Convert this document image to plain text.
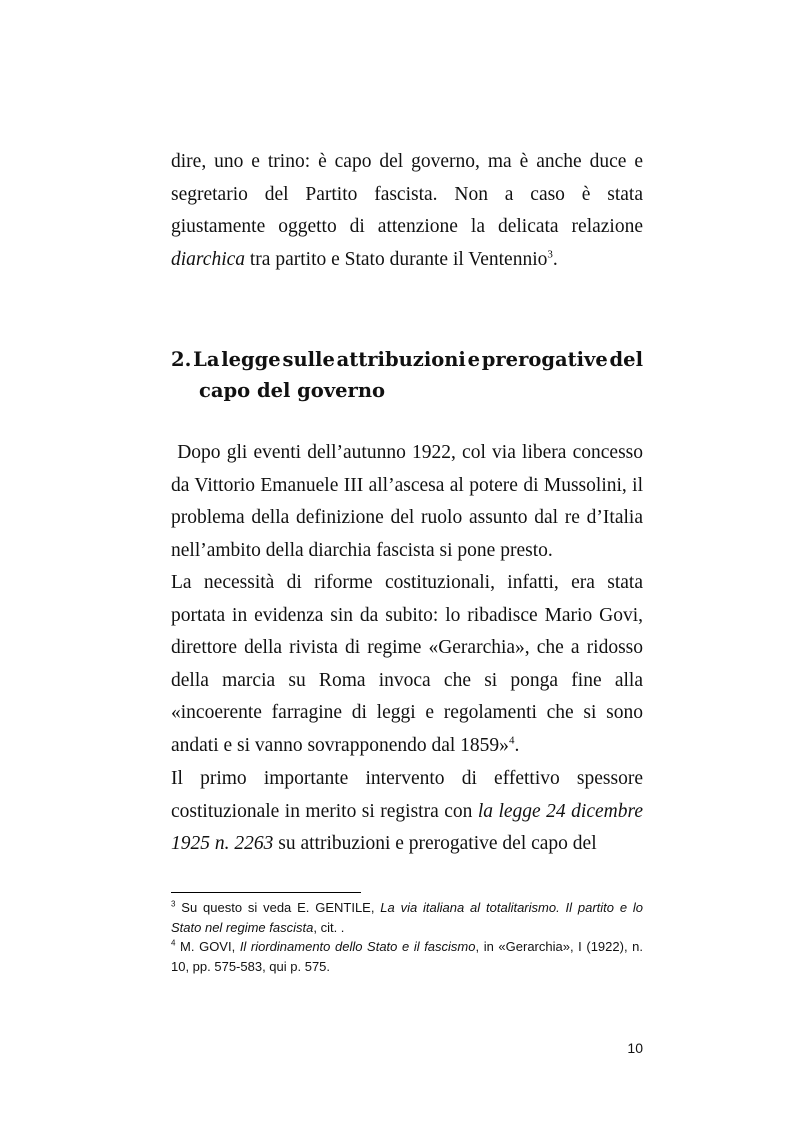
dire, uno e trino: è capo del governo, ma è anche duce e segretario del Partito fascista. Non a caso è stata giustamente oggetto di attenzione la delicata relazione diarchica tra partito e Stato durante il Ventennio$^3$.

2. La legge sulle attribuzioni e prerogative del
capo del governo

Dopo gli eventi dell’autunno 1922, col via libera concesso da Vittorio Emanuele III all’ascesa al potere di Mussolini, il problema della definizione del ruolo assunto dal re d’Italia nell’ambito della diarchia fascista si pone presto.

La necessità di riforme costituzionali, infatti, era stata portata in evidenza sin da subito: lo ribadisce Mario Govi, direttore della rivista di regime «Gerarchia», che a ridosso della marcia su Roma invoca che si ponga fine alla «incoerente farragine di leggi e regolamenti che si sono andati e si vanno sovrapponendo dal 1859»$^4$.

Il primo importante intervento di effettivo spessore costituzionale in merito si registra con la legge 24 dicembre 1925 n. 2263 su attribuzioni e prerogative del capo del

$^3$ Su questo si veda E. GENTILE, La via italiana al totalitarismo. Il partito e lo Stato nel regime fascista, cit. .

$^4$ M. GOVI, Il riordinamento dello Stato e il fascismo, in «Gerarchia», I (1922), n. 10, pp. 575-583, qui p. 575.

10
